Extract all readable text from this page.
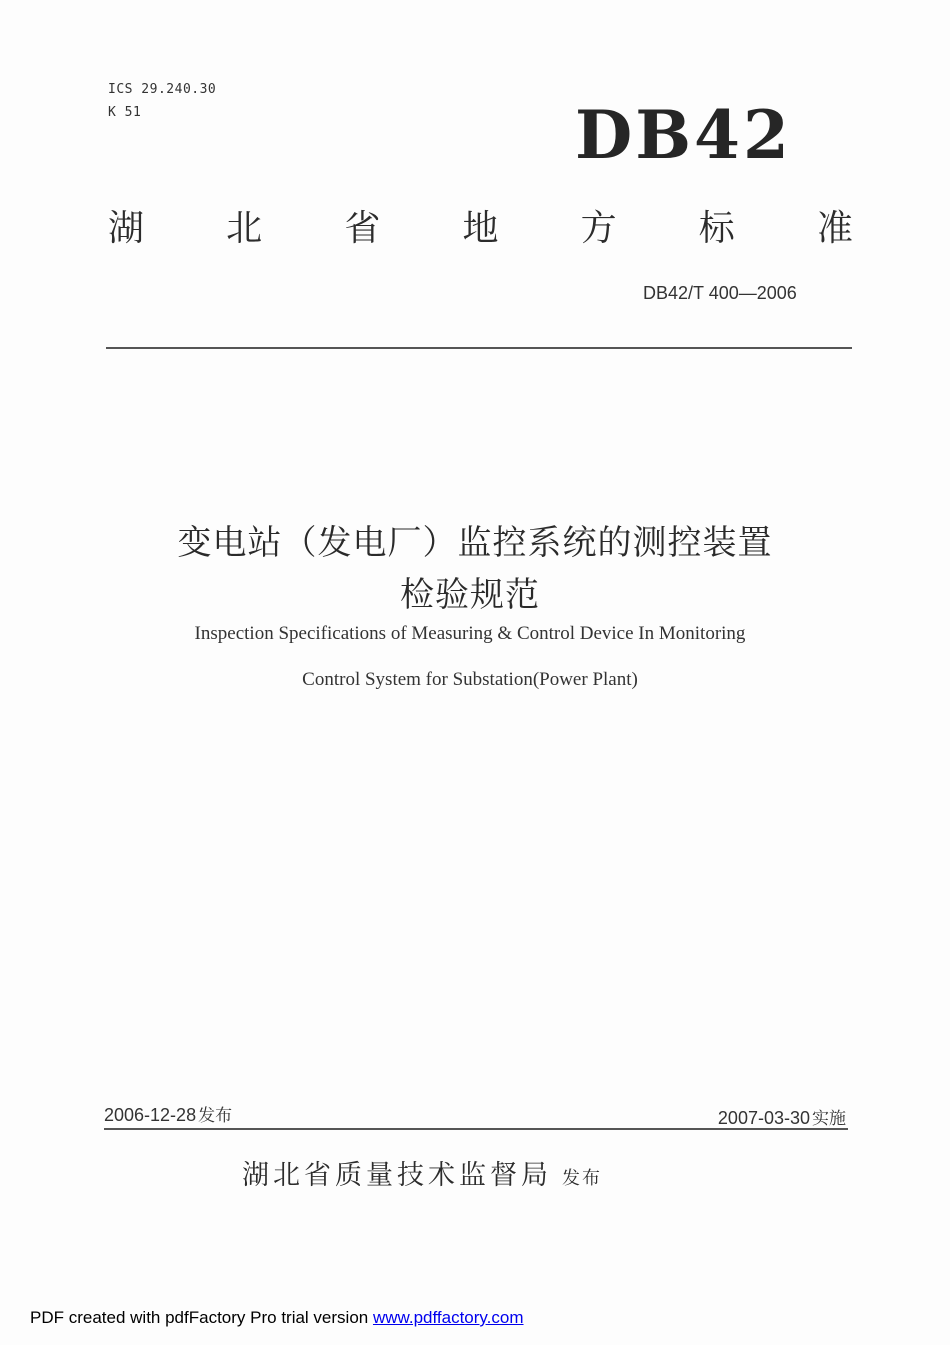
ICS 29.240.30
K 51	DB42
湖 北 省 地 方 标 准
DB42/T 400—2006
变电站（发电厂）监控系统的测控装置
检验规范
Inspection Specifications of Measuring & Control Device In Monitoring
Control System for Substation(Power Plant)
2006-12-28 发布	2007-03-30 实施
湖北省质量技术监督局 发布
PDF created with pdfFactory Pro trial version www.pdffactory.com
